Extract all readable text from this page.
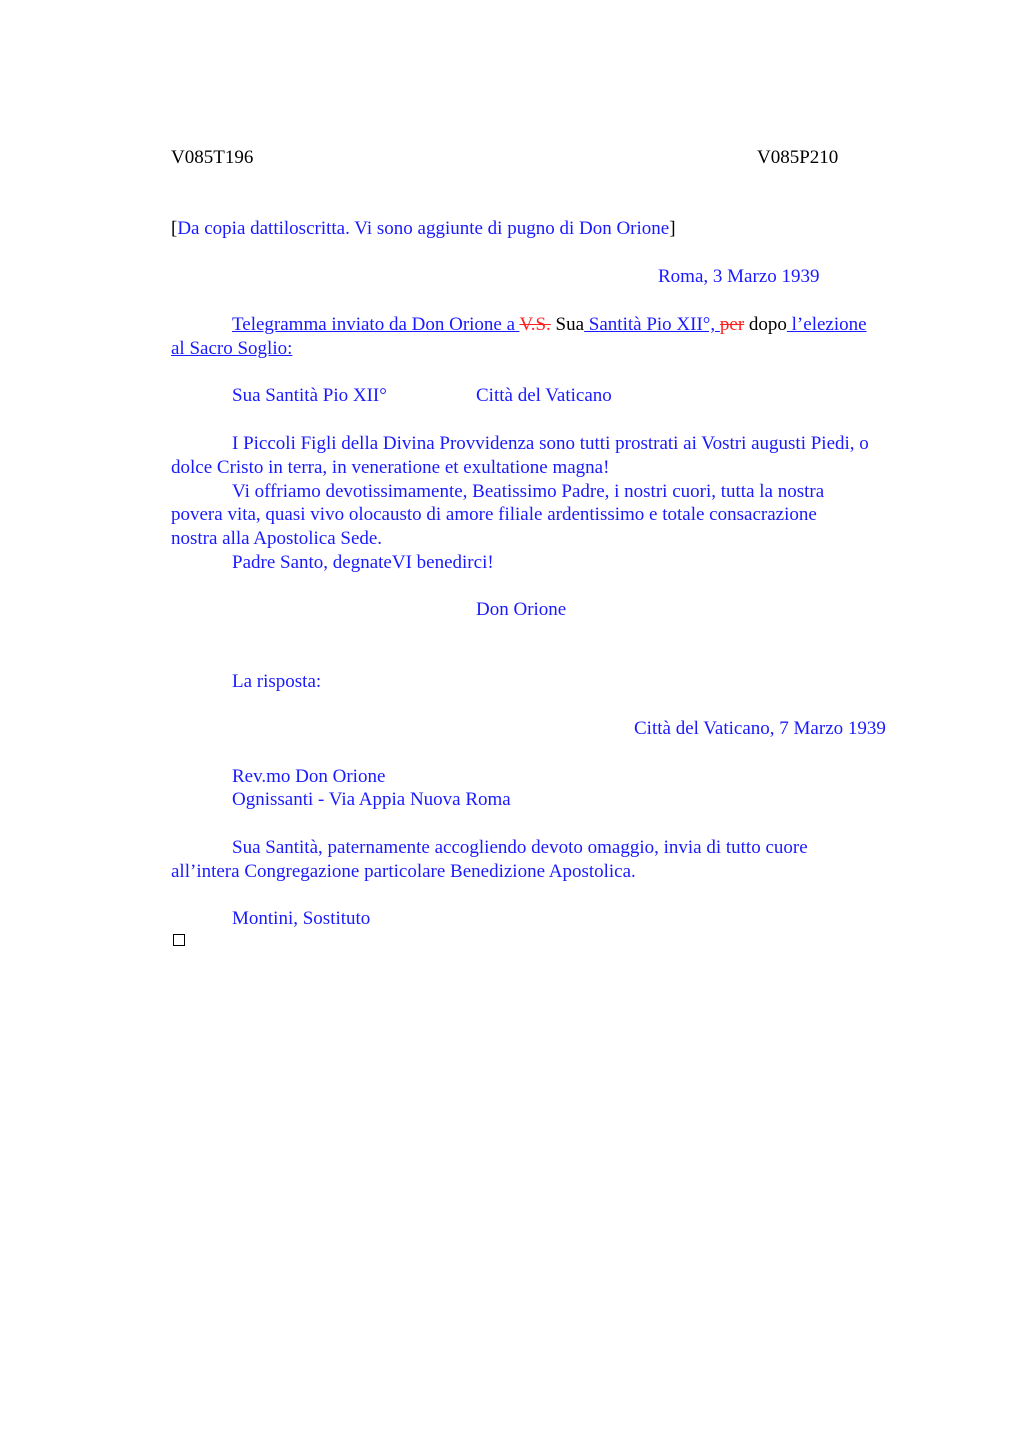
V085T196	V085P210
[Da copia dattiloscritta. Vi sono aggiunte di pugno di Don Orione]
Roma, 3 Marzo 1939
Telegramma inviato da Don Orione a V.S. Sua Santità Pio XII°, per dopo l’elezione
al Sacro Soglio:
Sua Santità Pio XII°	Città del Vaticano
I Piccoli Figli della Divina Provvidenza sono tutti prostrati ai Vostri augusti Piedi, o
dolce Cristo in terra, in veneratione et exultatione magna!
Vi offriamo devotissimamente, Beatissimo Padre, i nostri cuori, tutta la nostra
povera vita, quasi vivo olocausto di amore filiale ardentissimo e totale consacrazione
nostra alla Apostolica Sede.
Padre Santo, degnateVI benedirci!
Don Orione
La risposta:
Città del Vaticano, 7 Marzo 1939
Rev.mo Don Orione
Ognissanti - Via Appia Nuova Roma
Sua Santità, paternamente accogliendo devoto omaggio, invia di tutto cuore
all’intera Congregazione particolare Benedizione Apostolica.
Montini, Sostituto
